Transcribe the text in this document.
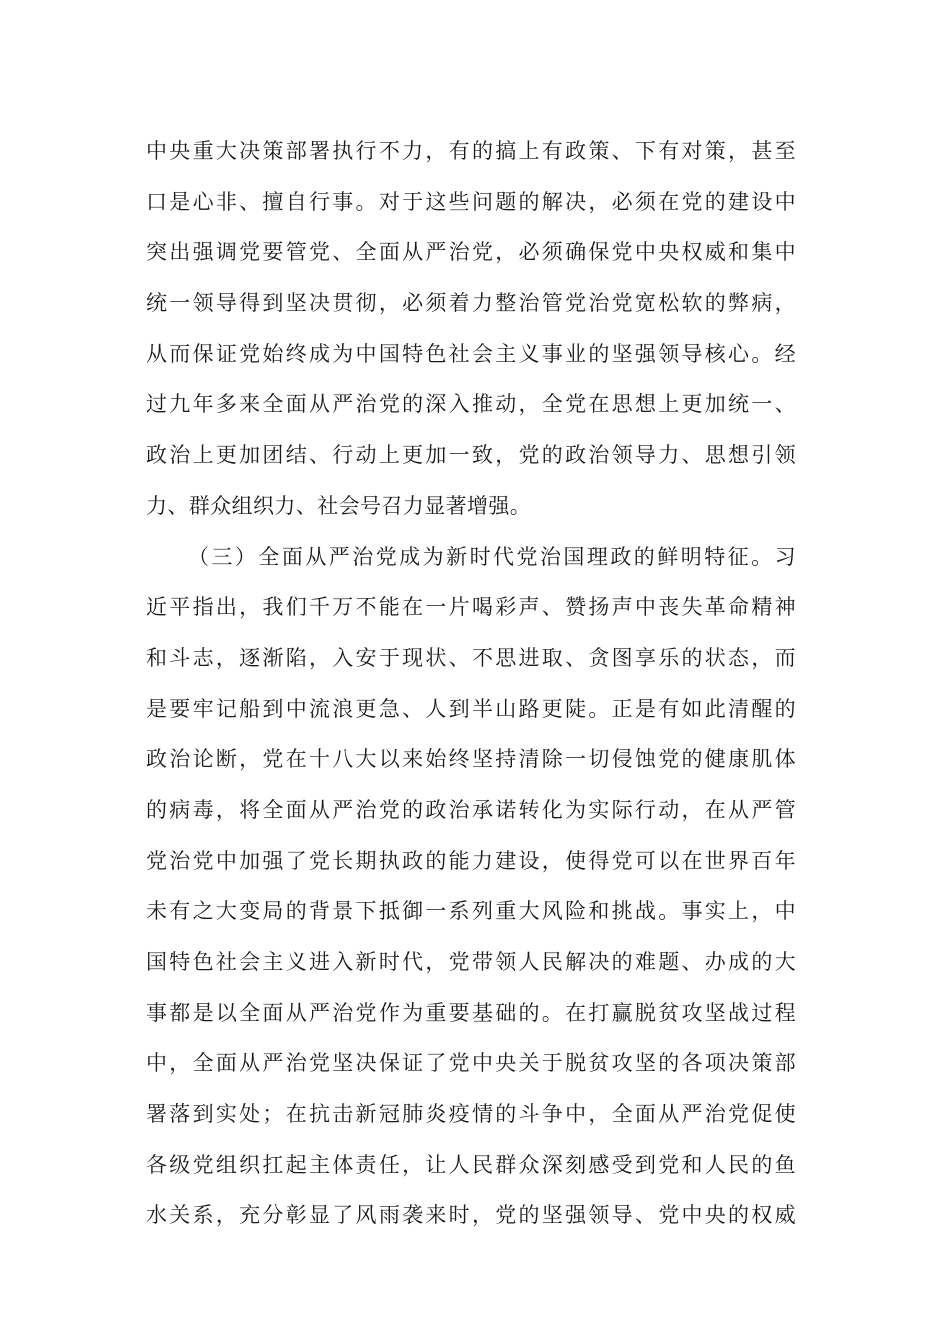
中央重大决策部署执行不力，有的搞上有政策、下有对策，甚至
口是心非、擅自行事。对于这些问题的解决，必须在党的建设中
突出强调党要管党、全面从严治党，必须确保党中央权威和集中
统一领导得到坚决贯彻，必须着力整治管党治党宽松软的弊病，
从而保证党始终成为中国特色社会主义事业的坚强领导核心。经
过九年多来全面从严治党的深入推动，全党在思想上更加统一、
政治上更加团结、行动上更加一致，党的政治领导力、思想引领
力、群众组织力、社会号召力显著增强。
（三）全面从严治党成为新时代党治国理政的鲜明特征。习
近平指出，我们千万不能在一片喝彩声、赞扬声中丧失革命精神
和斗志，逐渐陷，入安于现状、不思进取、贪图享乐的状态，而
是要牢记船到中流浪更急、人到半山路更陡。正是有如此清醒的
政治论断，党在十八大以来始终坚持清除一切侵蚀党的健康肌体
的病毒，将全面从严治党的政治承诺转化为实际行动，在从严管
党治党中加强了党长期执政的能力建设，使得党可以在世界百年
未有之大变局的背景下抵御一系列重大风险和挑战。事实上，中
国特色社会主义进入新时代，党带领人民解决的难题、办成的大
事都是以全面从严治党作为重要基础的。在打赢脱贫攻坚战过程
中，全面从严治党坚决保证了党中央关于脱贫攻坚的各项决策部
署落到实处；在抗击新冠肺炎疫情的斗争中，全面从严治党促使
各级党组织扛起主体责任，让人民群众深刻感受到党和人民的鱼
水关系，充分彰显了风雨袭来时，党的坚强领导、党中央的权威
